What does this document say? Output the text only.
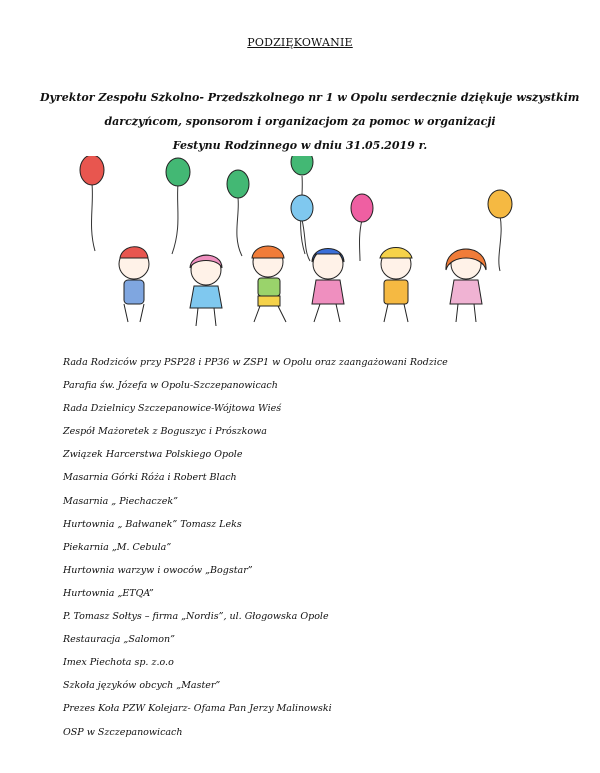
PODZIĘKOWANIE
Dyrektor Zespołu Szkolno- Przedszkolnego nr 1 w Opolu serdecznie dziękuje wszystkim
darczyńcom, sponsorom i organizacjom za pomoc w organizacji
Festynu Rodzinnego w dniu 31.05.2019 r.
Rada Rodziców przy PSP28 i PP36 w ZSP1 w Opolu oraz zaangażowani Rodzice
Parafia św. Józefa w Opolu-Szczepanowicach
Rada Dzielnicy Szczepanowice-Wójtowa Wieś
Zespół Mażoretek z Boguszyc i Prószkowa
Związek Harcerstwa Polskiego Opole
Masarnia Górki Róża i Robert Blach
Masarnia „ Piechaczek”
Hurtownia „ Bałwanek” Tomasz Leks
Piekarnia „M. Cebula”
Hurtownia warzyw i owoców „Bogstar”
Hurtownia „ETQA”
P. Tomasz Sołtys – firma „Nordis”, ul. Głogowska Opole
Restauracja „Salomon”
Imex Piechota sp. z.o.o
Szkoła języków obcych „Master”
Prezes Koła PZW Kolejarz- Ofama Pan Jerzy Malinowski
OSP w Szczepanowicach
